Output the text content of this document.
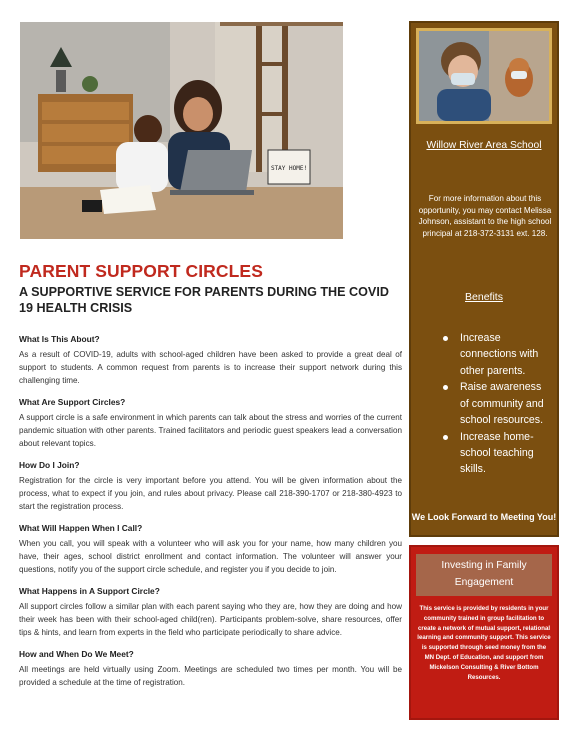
STAY HOME!
PARENT SUPPORT CIRCLES
A SUPPORTIVE SERVICE FOR PARENTS DURING THE COVID 19 HEALTH CRISIS
What Is This About?
As a result of COVID-19, adults with school-aged children have been asked to provide a great deal of support to students. A common request from parents is to increase their support network during this challenging time.
What Are Support Circles?
A support circle is a safe environment in which parents can talk about the stress and worries of the current pandemic situation with other parents. Trained facilitators and periodic guest speakers lead a conversation about relevant topics.
How Do I Join?
Registration for the circle is very important before you attend. You will be given information about the process, what to expect if you join, and rules about privacy. Please call 218-390-1707 or 218-380-4923 to start the registration process.
What Will Happen When I Call?
When you call, you will speak with a volunteer who will ask you for your name, how many children you have, their ages, school district enrollment and contact information. The volunteer will answer your questions, notify you of the support circle schedule, and register you if you decide to join.
What Happens in A Support Circle?
All support circles follow a similar plan with each parent saying who they are, how they are doing and how their week has been with their school-aged child(ren). Participants problem-solve, share resources, offer tips & hints, and learn from experts in the field who participate periodically to share advice.
How and When Do We Meet?
All meetings are held virtually using Zoom. Meetings are scheduled two times per month. You will be provided a schedule at the time of registration.
Willow River Area School
For more information about this opportunity, you may contact Melissa Johnson, assistant to the high school principal at 218-372-3131 ext. 128.
Benefits
Increase connections with other parents.
Raise awareness of community and school resources.
Increase home-school teaching skills.
We Look Forward to Meeting You!
Investing in Family Engagement
This service is provided by residents in your community trained in group facilitation to create a network of mutual support, relational learning and community support. This service is supported through seed money from the MN Dept. of Education, and support from Mickelson Consulting & River Bottom Resources.
